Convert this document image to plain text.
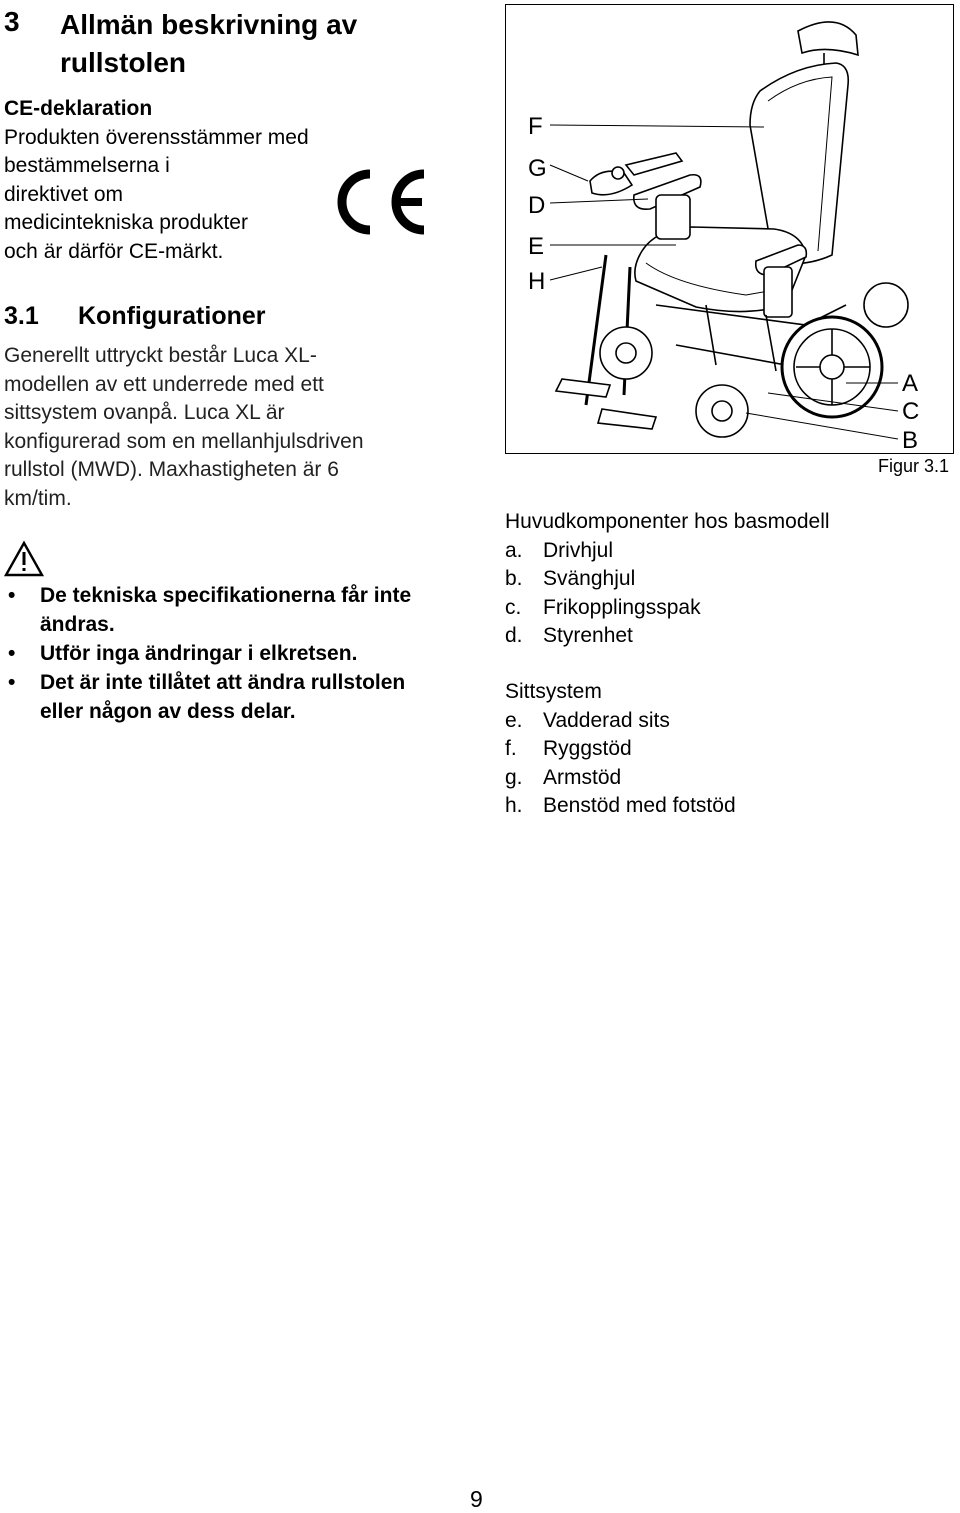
3 Allmän beskrivning av rullstolen
CE-deklaration
Produkten överensstämmer med
bestämmelserna i
direktivet om
medicintekniska produkter
och är därför CE-märkt.
3.1 Konfigurationer
Generellt uttryckt består Luca XL-
modellen av ett underrede med ett
sittsystem ovanpå. Luca XL är
konfigurerad som en mellanhjulsdriven
rullstol (MWD). Maxhastigheten är 6
km/tim.
• De tekniska specifikationerna får inte ändras.
• Utför inga ändringar i elkretsen.
• Det är inte tillåtet att ändra rullstolen eller någon av dess delar.
F
G
D
E
H
A
C
B
Figur 3.1
Huvudkomponenter hos basmodell
a. Drivhjul
b. Svänghjul
c.	Frikopplingsspak
d. Styrenhet
Sittsystem
e. Vadderad sits
f.	Ryggstöd
g. Armstöd
h. Benstöd med fotstöd
9
